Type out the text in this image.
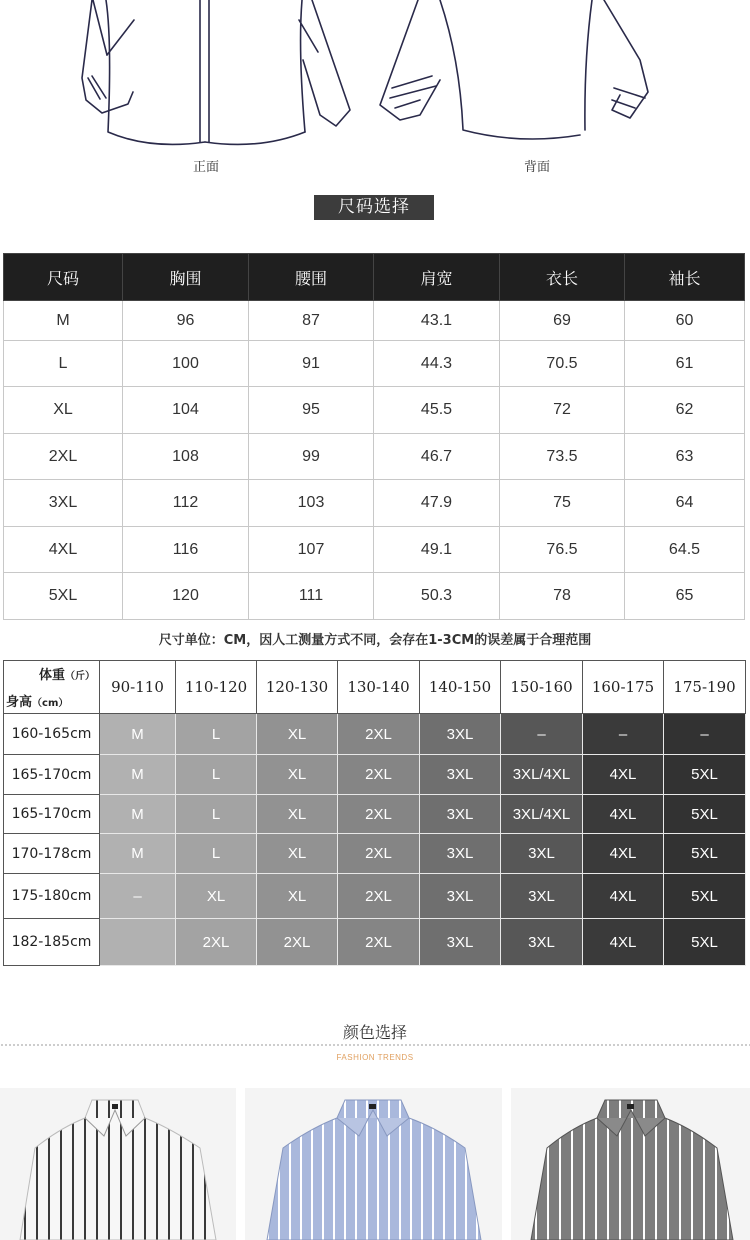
正面	背面
尺码选择
尺码	胸围	腰围	肩宽	衣长	袖长
M	96	87	43.1	69	60
L	100	91	44.3	70.5	61
XL	104	95	45.5	72	62
2XL	108	99	46.7	73.5	63
3XL	112	103	47.9	75	64
4XL	116	107	49.1	76.5	64.5
5XL	120	111	50.3	78	65
尺寸单位：CM，因人工测量方式不同，会存在1-3CM的误差属于合理范围
体重（斤）
身高（cm）	90-110	110-120	120-130	130-140	140-150	150-160	160-175	175-190
160-165cm	M	L	XL	2XL	3XL	–	–	–
165-170cm	M	L	XL	2XL	3XL	3XL/4XL	4XL	5XL
165-170cm	M	L	XL	2XL	3XL	3XL/4XL	4XL	5XL
170-178cm	M	L	XL	2XL	3XL	3XL	4XL	5XL
175-180cm	–	XL	XL	2XL	3XL	3XL	4XL	5XL
182-185cm		2XL	2XL	2XL	3XL	3XL	4XL	5XL
颜色选择
FASHION TRENDS
